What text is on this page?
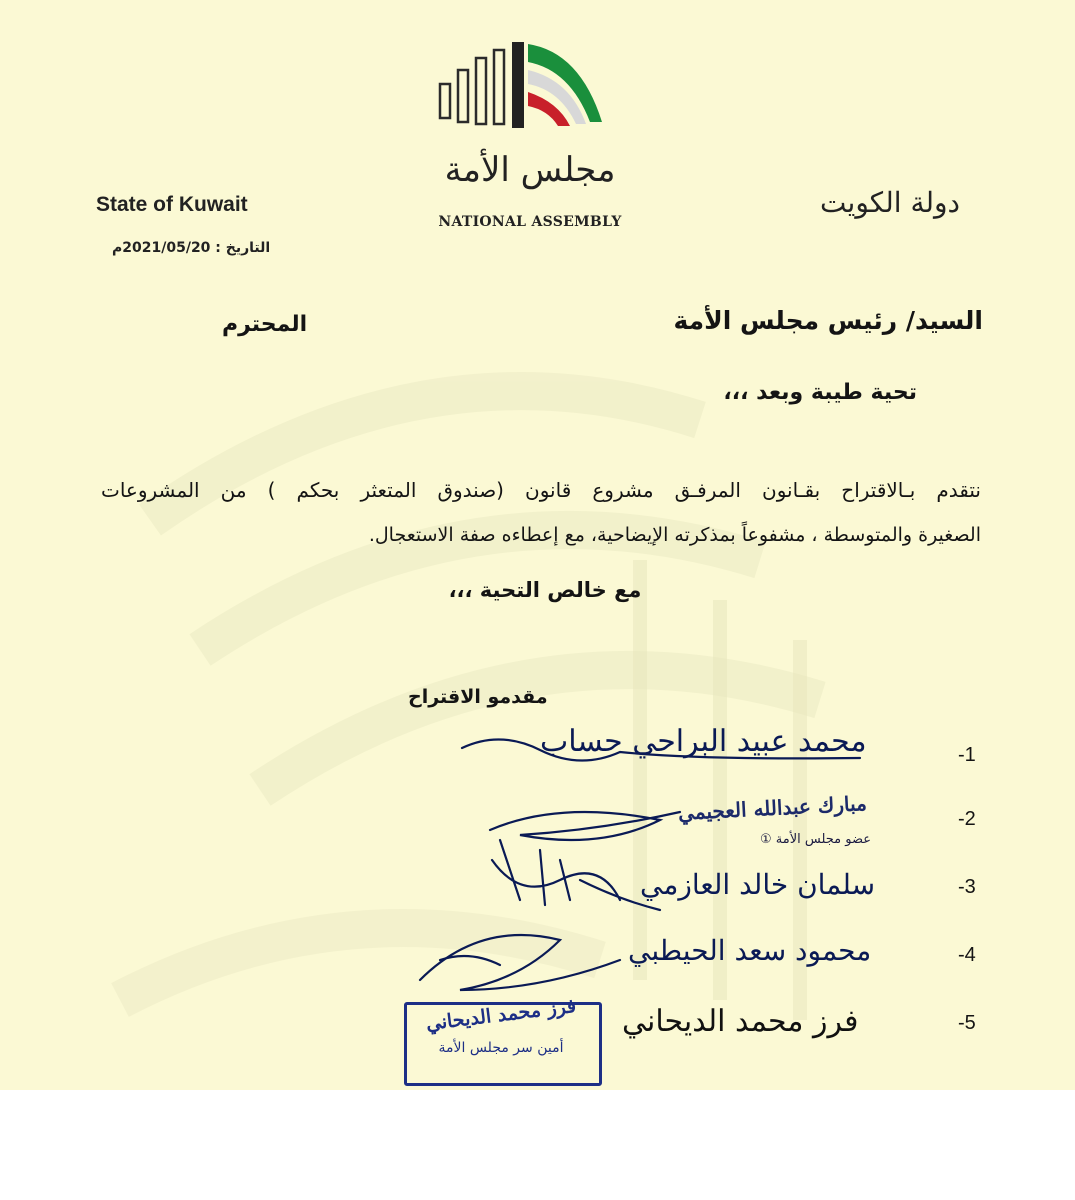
مجلس الأمة
NATIONAL ASSEMBLY
State of Kuwait	دولة الكويت
التاريخ : 2021/05/20م
السيد/ رئيس مجلس الأمة
المحترم
تحية طيبة وبعد ،،،
نتقدم بـالاقتراح بقـانون المرفـق مشروع قانون (صندوق المتعثر بحكم ) من المشروعات
الصغيرة والمتوسطة ، مشفوعاً بمذكرته الإيضاحية، مع إعطاءه صفة الاستعجال.
مع خالص التحية ،،،
مقدمو الاقتراح
-1
-2
-3
-4
-5
محمد عبيد البراحي حساب
مبارك عبدالله العجيمي
عضو مجلس الأمة ①
سلمان خالد العازمي
محمود سعد الحيطبي
فرز محمد الديحاني
فرز محمد الديحاني
أمين سر مجلس الأمة
